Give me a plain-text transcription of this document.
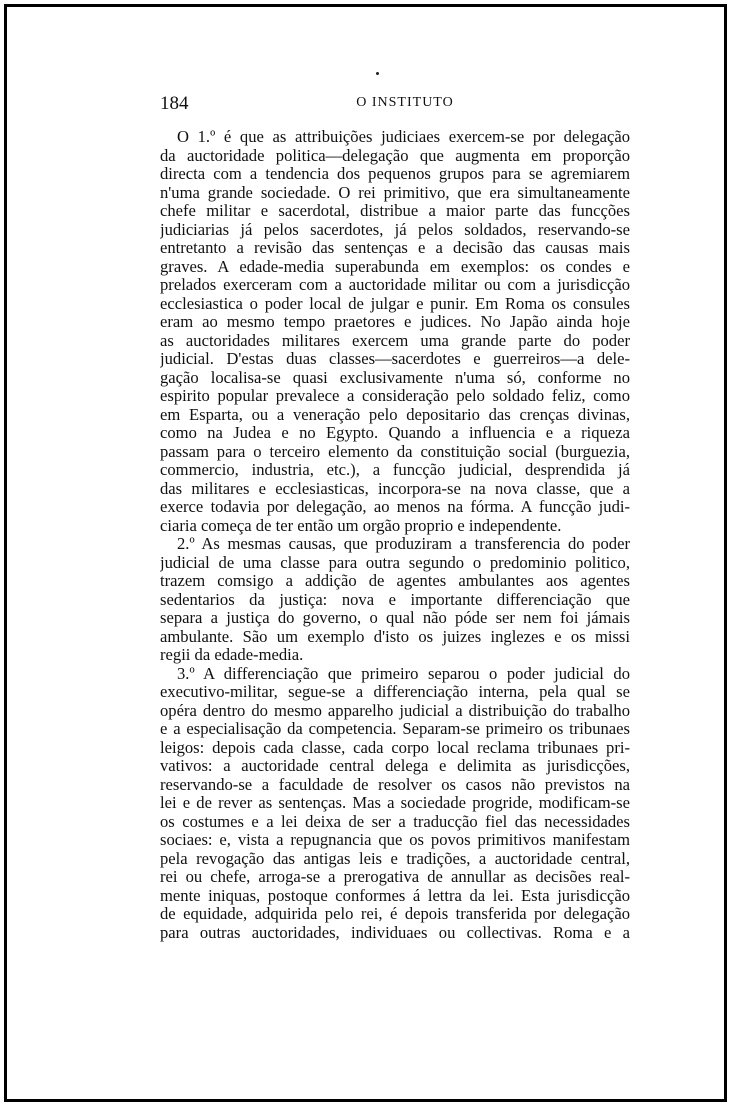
184	O INSTITUTO
O 1.º é que as attribuições judiciaes exercem-se por delegação
da auctoridade politica—delegação que augmenta em proporção
directa com a tendencia dos pequenos grupos para se agremiarem
n'uma grande sociedade. O rei primitivo, que era simultaneamente
chefe militar e sacerdotal, distribue a maior parte das funcções
judiciarias já pelos sacerdotes, já pelos soldados, reservando-se
entretanto a revisão das sentenças e a decisão das causas mais
graves. A edade-media superabunda em exemplos: os condes e
prelados exerceram com a auctoridade militar ou com a jurisdicção
ecclesiastica o poder local de julgar e punir. Em Roma os consules
eram ao mesmo tempo praetores e judices. No Japão ainda hoje
as auctoridades militares exercem uma grande parte do poder
judicial. D'estas duas classes—sacerdotes e guerreiros—a dele-
gação localisa-se quasi exclusivamente n'uma só, conforme no
espirito popular prevalece a consideração pelo soldado feliz, como
em Esparta, ou a veneração pelo depositario das crenças divinas,
como na Judea e no Egypto. Quando a influencia e a riqueza
passam para o terceiro elemento da constituição social (burguezia,
commercio, industria, etc.), a funcção judicial, desprendida já
das militares e ecclesiasticas, incorpora-se na nova classe, que a
exerce todavia por delegação, ao menos na fórma. A funcção judi-
ciaria começa de ter então um orgão proprio e independente.
2.º As mesmas causas, que produziram a transferencia do poder
judicial de uma classe para outra segundo o predominio politico,
trazem comsigo a addição de agentes ambulantes aos agentes
sedentarios da justiça: nova e importante differenciação que
separa a justiça do governo, o qual não póde ser nem foi jámais
ambulante. São um exemplo d'isto os juizes inglezes e os missi
regii da edade-media.
3.º A differenciação que primeiro separou o poder judicial do
executivo-militar, segue-se a differenciação interna, pela qual se
opéra dentro do mesmo apparelho judicial a distribuição do trabalho
e a especialisação da competencia. Separam-se primeiro os tribunaes
leigos: depois cada classe, cada corpo local reclama tribunaes pri-
vativos: a auctoridade central delega e delimita as jurisdicções,
reservando-se a faculdade de resolver os casos não previstos na
lei e de rever as sentenças. Mas a sociedade progride, modificam-se
os costumes e a lei deixa de ser a traducção fiel das necessidades
sociaes: e, vista a repugnancia que os povos primitivos manifestam
pela revogação das antigas leis e tradições, a auctoridade central,
rei ou chefe, arroga-se a prerogativa de annullar as decisões real-
mente iniquas, postoque conformes á lettra da lei. Esta jurisdicção
de equidade, adquirida pelo rei, é depois transferida por delegação
para outras auctoridades, individuaes ou collectivas. Roma e a
